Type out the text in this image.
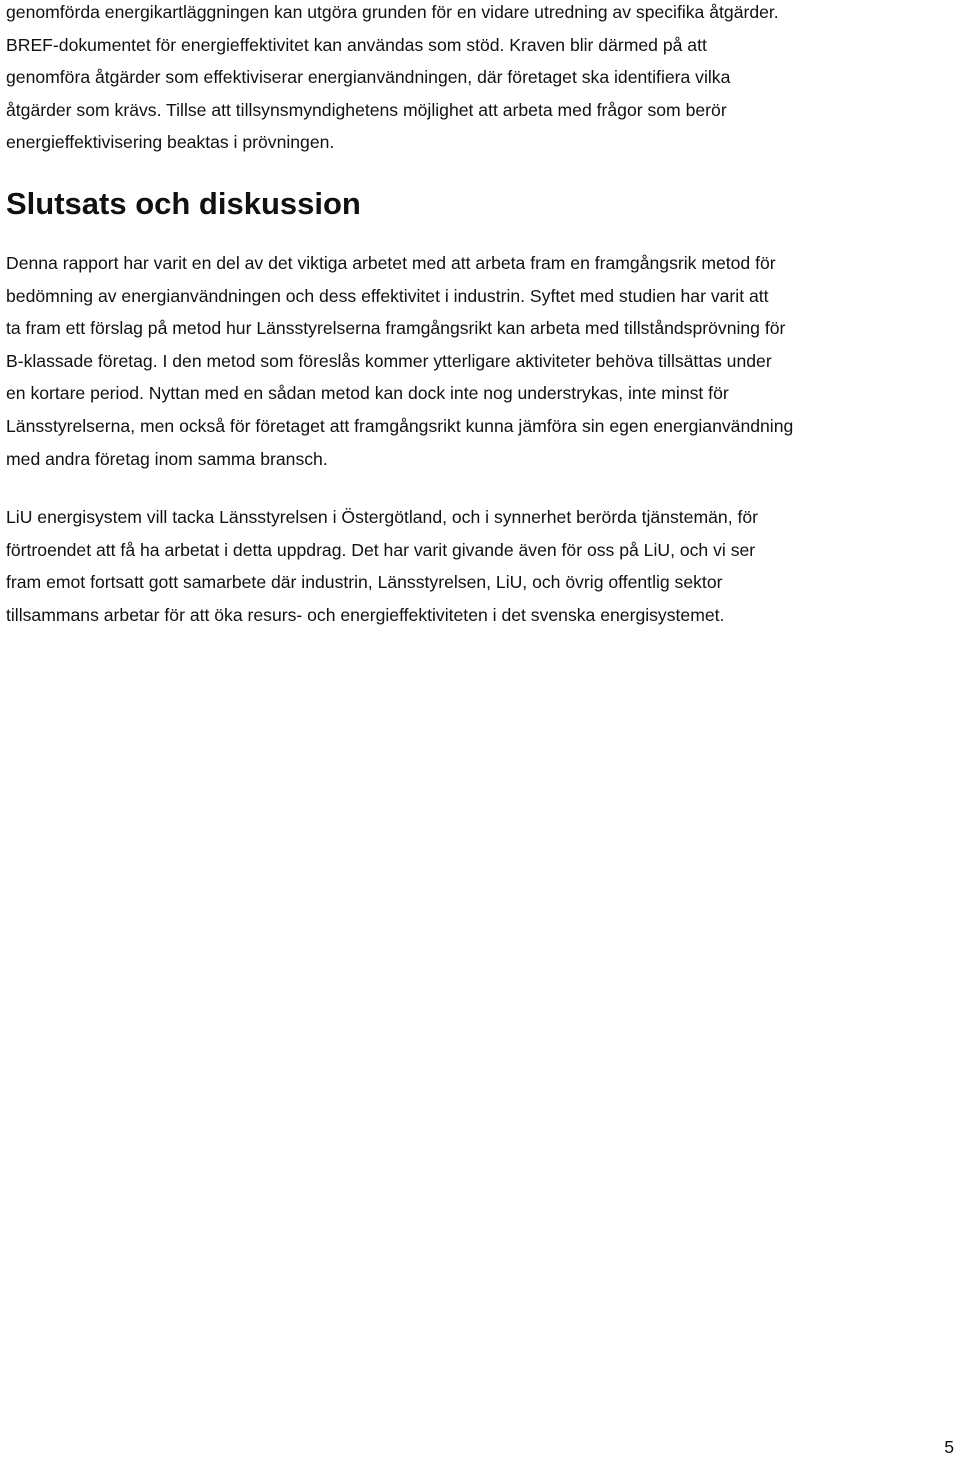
genomförda energikartläggningen kan utgöra grunden för en vidare utredning av specifika åtgärder.
BREF-dokumentet för energieffektivitet kan användas som stöd. Kraven blir därmed på att
genomföra åtgärder som effektiviserar energianvändningen, där företaget ska identifiera vilka
åtgärder som krävs. Tillse att tillsynsmyndighetens möjlighet att arbeta med frågor som berör
energieffektivisering beaktas i prövningen.

Slutsats och diskussion

Denna rapport har varit en del av det viktiga arbetet med att arbeta fram en framgångsrik metod för
bedömning av energianvändningen och dess effektivitet i industrin. Syftet med studien har varit att
ta fram ett förslag på metod hur Länsstyrelserna framgångsrikt kan arbeta med tillståndsprövning för
B-klassade företag. I den metod som föreslås kommer ytterligare aktiviteter behöva tillsättas under
en kortare period. Nyttan med en sådan metod kan dock inte nog understrykas, inte minst för
Länsstyrelserna, men också för företaget att framgångsrikt kunna jämföra sin egen energianvändning
med andra företag inom samma bransch.

LiU energisystem vill tacka Länsstyrelsen i Östergötland, och i synnerhet berörda tjänstemän, för
förtroendet att få ha arbetat i detta uppdrag. Det har varit givande även för oss på LiU, och vi ser
fram emot fortsatt gott samarbete där industrin, Länsstyrelsen, LiU, och övrig offentlig sektor
tillsammans arbetar för att öka resurs- och energieffektiviteten i det svenska energisystemet.

5
